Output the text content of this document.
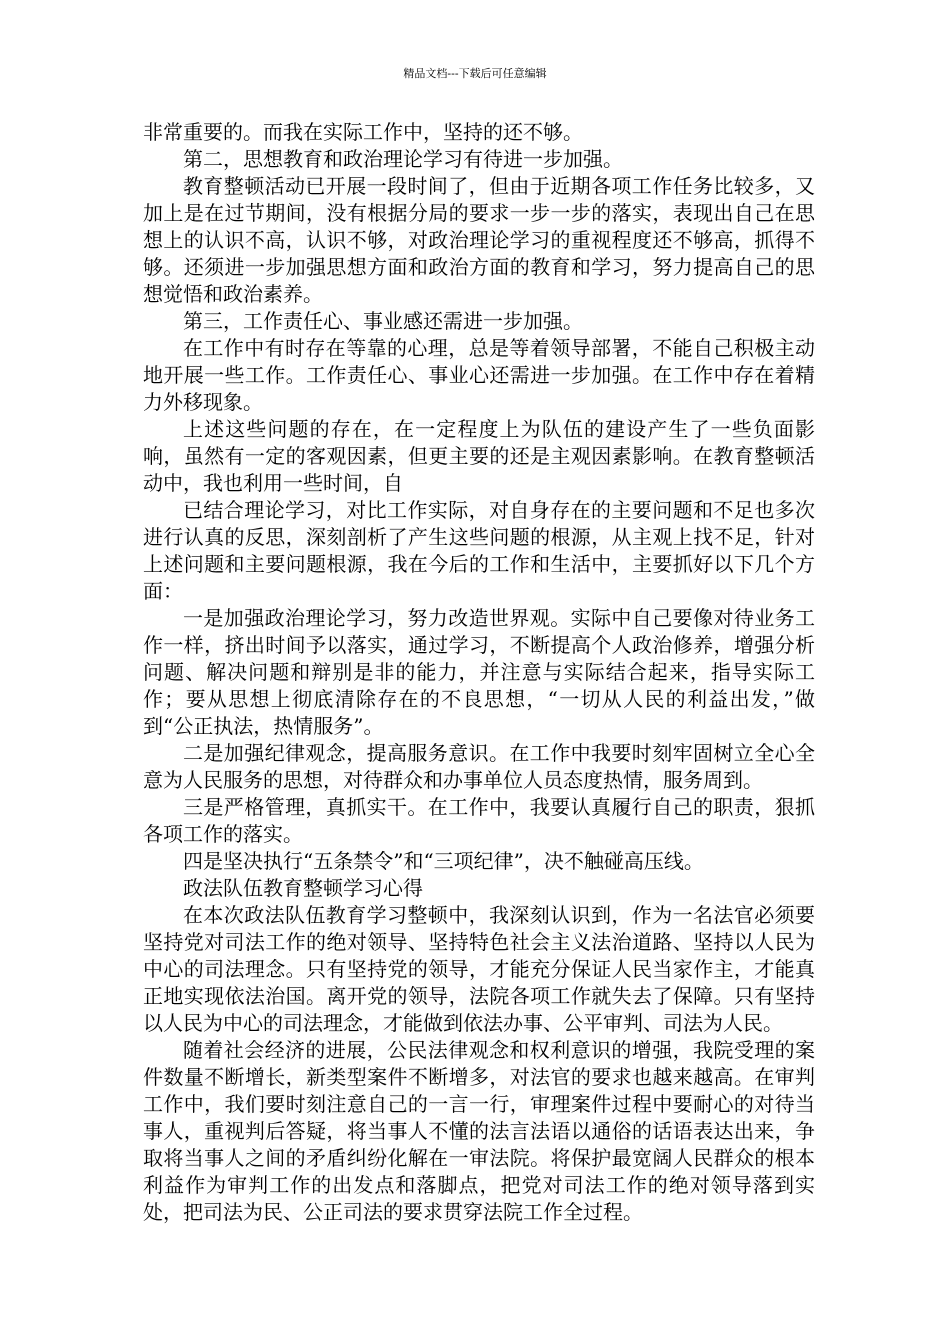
精品文档---下载后可任意编辑

非常重要的。而我在实际工作中，坚持的还不够。

第二，思想教育和政治理论学习有待进一步加强。

教育整顿活动已开展一段时间了，但由于近期各项工作任务比较多，又加上是在过节期间，没有根据分局的要求一步一步的落实，表现出自己在思想上的认识不高，认识不够，对政治理论学习的重视程度还不够高，抓得不够。还须进一步加强思想方面和政治方面的教育和学习，努力提高自己的思想觉悟和政治素养。

第三，工作责任心、事业感还需进一步加强。

在工作中有时存在等靠的心理，总是等着领导部署，不能自己积极主动地开展一些工作。工作责任心、事业心还需进一步加强。在工作中存在着精力外移现象。

上述这些问题的存在，在一定程度上为队伍的建设产生了一些负面影响，虽然有一定的客观因素，但更主要的还是主观因素影响。在教育整顿活动中，我也利用一些时间，自

已结合理论学习，对比工作实际，对自身存在的主要问题和不足也多次进行认真的反思，深刻剖析了产生这些问题的根源，从主观上找不足，针对上述问题和主要问题根源，我在今后的工作和生活中，主要抓好以下几个方面：

一是加强政治理论学习，努力改造世界观。实际中自己要像对待业务工作一样，挤出时间予以落实，通过学习，不断提高个人政治修养，增强分析问题、解决问题和辩别是非的能力，并注意与实际结合起来，指导实际工作；要从思想上彻底清除存在的不良思想，“一切从人民的利益出发，”做到“公正执法，热情服务”。

二是加强纪律观念，提高服务意识。在工作中我要时刻牢固树立全心全意为人民服务的思想，对待群众和办事单位人员态度热情，服务周到。

三是严格管理，真抓实干。在工作中，我要认真履行自己的职责，狠抓各项工作的落实。

四是坚决执行“五条禁令”和“三项纪律”，决不触碰高压线。

政法队伍教育整顿学习心得

在本次政法队伍教育学习整顿中，我深刻认识到，作为一名法官必须要坚持党对司法工作的绝对领导、坚持特色社会主义法治道路、坚持以人民为中心的司法理念。只有坚持党的领导，才能充分保证人民当家作主，才能真正地实现依法治国。离开党的领导，法院各项工作就失去了保障。只有坚持以人民为中心的司法理念，才能做到依法办事、公平审判、司法为人民。

随着社会经济的进展，公民法律观念和权利意识的增强，我院受理的案件数量不断增长，新类型案件不断增多，对法官的要求也越来越高。在审判工作中，我们要时刻注意自己的一言一行，审理案件过程中要耐心的对待当事人，重视判后答疑，将当事人不懂的法言法语以通俗的话语表达出来，争取将当事人之间的矛盾纠纷化解在一审法院。将保护最宽阔人民群众的根本利益作为审判工作的出发点和落脚点，把党对司法工作的绝对领导落到实处，把司法为民、公正司法的要求贯穿法院工作全过程。
